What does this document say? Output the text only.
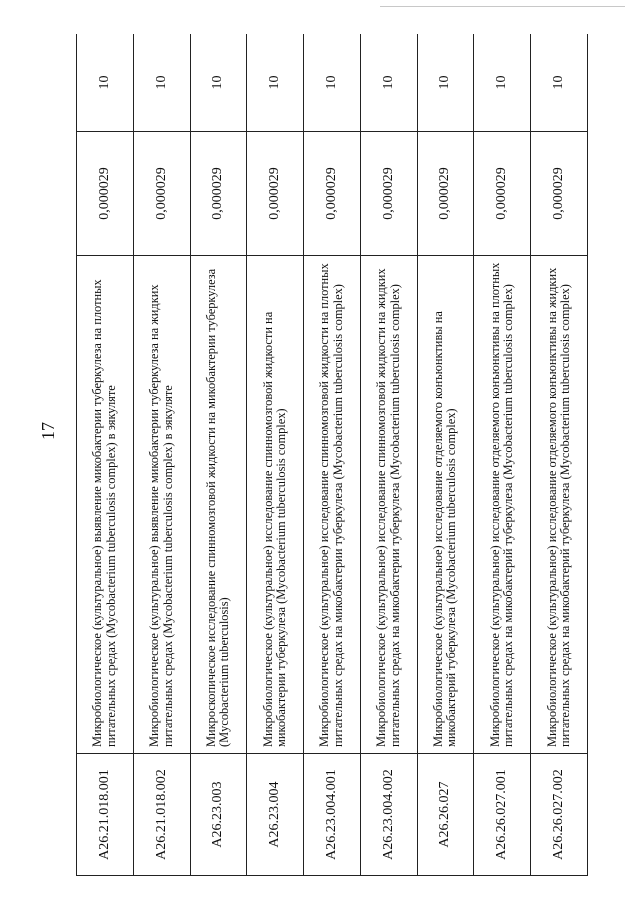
17
A26.21.018.001	Микробиологическое (культуральное) выявление микобактерии туберкулеза на плотных питательных средах (Mycobacterium tuberculosis complex) в эякуляте	0,000029	10
A26.21.018.002	Микробиологическое (культуральное) выявление микобактерии туберкулеза на жидких питательных средах (Mycobacterium tuberculosis complex) в эякуляте	0,000029	10
A26.23.003	Микроскопическое исследование спинномозговой жидкости на микобактерии туберкулеза (Mycobacterium tuberculosis)	0,000029	10
A26.23.004	Микробиологическое (культуральное) исследование спинномозговой жидкости на микобактерии туберкулеза (Mycobacterium tuberculosis complex)	0,000029	10
A26.23.004.001	Микробиологическое (культуральное) исследование спинномозговой жидкости на плотных питательных средах на микобактерии туберкулеза (Mycobacterium tuberculosis complex)	0,000029	10
A26.23.004.002	Микробиологическое (культуральное) исследование спинномозговой жидкости на жидких питательных средах на микобактерии туберкулеза (Mycobacterium tuberculosis complex)	0,000029	10
A26.26.027	Микробиологическое (культуральное) исследование отделяемого конъюнктивы на микобактерий туберкулеза (Mycobacterium tuberculosis complex)	0,000029	10
A26.26.027.001	Микробиологическое (культуральное) исследование отделяемого конъюнктивы на плотных питательных средах на микобактерий туберкулеза (Mycobacterium tuberculosis complex)	0,000029	10
A26.26.027.002	Микробиологическое (культуральное) исследование отделяемого конъюнктивы на жидких питательных средах на микобактерий туберкулеза (Mycobacterium tuberculosis complex)	0,000029	10
